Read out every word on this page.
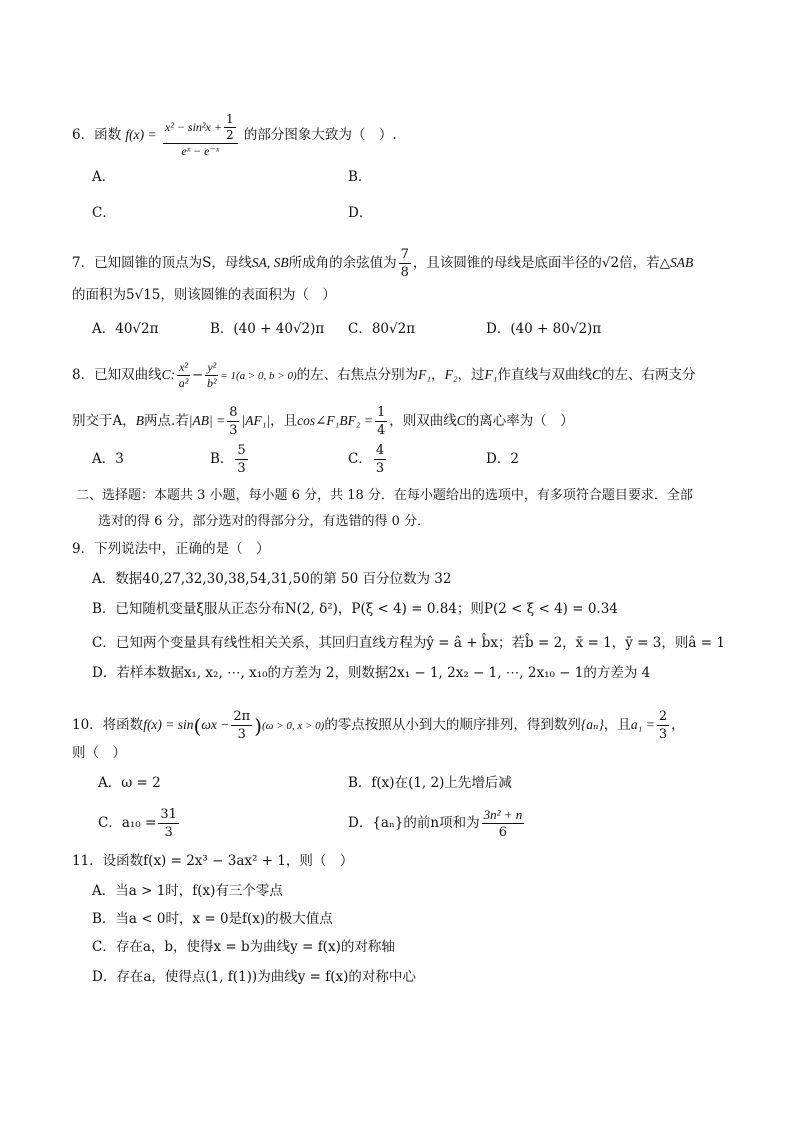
6．函数 $f(x) = \frac{x^2 - \sin^2x + \frac{1}{2}}{\text{eˣ − e⁻ˣ}}$ 的部分图象大致为（　）.
A．	B．
C．	D．
7．已知圆锥的顶点为S，母线SA, SB所成角的余弦值为 $\frac{7}{8}$ ，且该圆锥的母线是底面半径的√2倍，若△SAB
的面积为5√15，则该圆锥的表面积为（　）
A．40√2π	B．(40 + 40√2)π C．80√2π	D．(40 + 80√2)π
8．已知双曲线C: $\frac{\text{x²}}{\text{a²}} - \frac{\text{y²}}{\text{b²}} = 1(a > 0$, b > 0)的左、右焦点分别为F₁，F₂，过F₁作直线与双曲线C的左、右两支分
别交于A，B两点.若$|AB| = \frac{8}{3} |AF_1|$，且cos∠F₁BF₂ = $\frac{1}{4}$ ，则双曲线C的离心率为（　）
A．3	B． $\frac{5}{3}$	C． $\frac{4}{3}$	D．2
二、选择题：本题共 3 小题，每小题 6 分，共 18 分．在每小题给出的选项中，有多项符合题目要求．全部
选对的得 6 分，部分选对的得部分分，有选错的得 0 分．
9．下列说法中，正确的是（　）
A．数据40,27,32,30,38,54,31,50的第 50 百分位数为 32
B．已知随机变量ξ服从正态分布N(2, δ²)，P(ξ < 4) = 0.84；则P(2 < ξ < 4) = 0.34
C．已知两个变量具有线性相关关系，其回归直线方程为ŷ = â + b̂x；若b̂ = 2，x̄ = 1，ȳ = 3，则â = 1
D．若样本数据x₁, x₂, ⋯, x₁₀的方差为 2，则数据2x₁ − 1, 2x₂ − 1, ⋯, 2x₁₀ − 1的方差为 4
10．将函数$f(x) = \sin(\omega x - \frac{2\pi}{3} )(\omega > 0$, x > 0)的零点按照从小到大的顺序排列，得到数列{aₙ}，且$a_1 = \frac{2}{3}$ ，
则（　）
A．ω = 2	B．f(x)在(1, 2)上先增后减
C．$a_{10} = \frac{31}{3}$	D．{aₙ}的前n项和为 $\frac{\text{3n² + n}}{6}$
11．设函数f(x) = 2x³ − 3ax² + 1，则（　）
A．当a > 1时，f(x)有三个零点
B．当a < 0时，x = 0是f(x)的极大值点
C．存在a，b，使得x = b为曲线y = f(x)的对称轴
D．存在a，使得点(1, f(1))为曲线y = f(x)的对称中心
